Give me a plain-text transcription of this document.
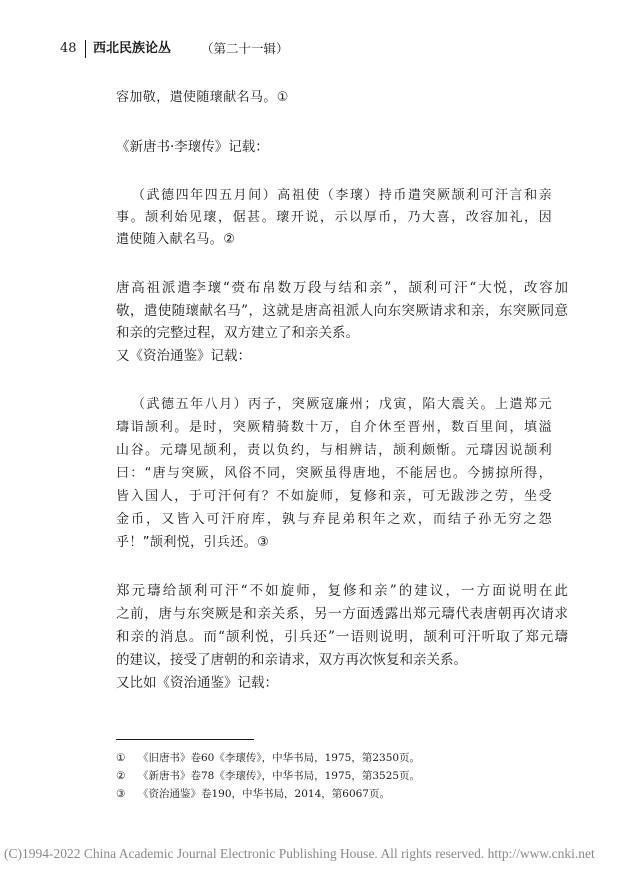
48 西北民族论丛 （第二十一辑）
容加敬，遣使随瓌献名马。①
《新唐书·李瓌传》记载：
（武德四年四五月间）高祖使（李瓌）持币遣突厥颉利可汗言和亲
事。颉利始见瓌，倨甚。瓌开说，示以厚币，乃大喜，改容加礼，因
遣使随入献名马。②
唐高祖派遣李瓌“赍布帛数万段与结和亲”，颉利可汗“大悦，改容加
敬，遣使随瓌献名马”，这就是唐高祖派人向东突厥请求和亲，东突厥同意
和亲的完整过程，双方建立了和亲关系。
又《资治通鉴》记载：
（武德五年八月）丙子，突厥寇廉州；戊寅，陷大震关。上遣郑元
璹诣颉利。是时，突厥精骑数十万，自介休至晋州，数百里间，填溢
山谷。元璹见颉利，责以负约，与相辨诘，颉利颇惭。元璹因说颉利
曰：“唐与突厥，风俗不同，突厥虽得唐地，不能居也。今掳掠所得，
皆入国人，于可汗何有？不如旋师，复修和亲，可无跋涉之劳，坐受
金币，又皆入可汗府库，孰与弃昆弟积年之欢，而结子孙无穷之怨
乎！”颉利悦，引兵还。③
郑元璹给颉利可汗“不如旋师，复修和亲”的建议，一方面说明在此
之前，唐与东突厥是和亲关系，另一方面透露出郑元璹代表唐朝再次请求
和亲的消息。而“颉利悦，引兵还”一语则说明，颉利可汗听取了郑元璹
的建议，接受了唐朝的和亲请求，双方再次恢复和亲关系。
又比如《资治通鉴》记载：
① 《旧唐书》卷60《李瓌传》，中华书局，1975，第2350页。
② 《新唐书》卷78《李瓌传》，中华书局，1975，第3525页。
③ 《资治通鉴》卷190，中华书局，2014，第6067页。
(C)1994-2022 China Academic Journal Electronic Publishing House. All rights reserved. http://www.cnki.net
